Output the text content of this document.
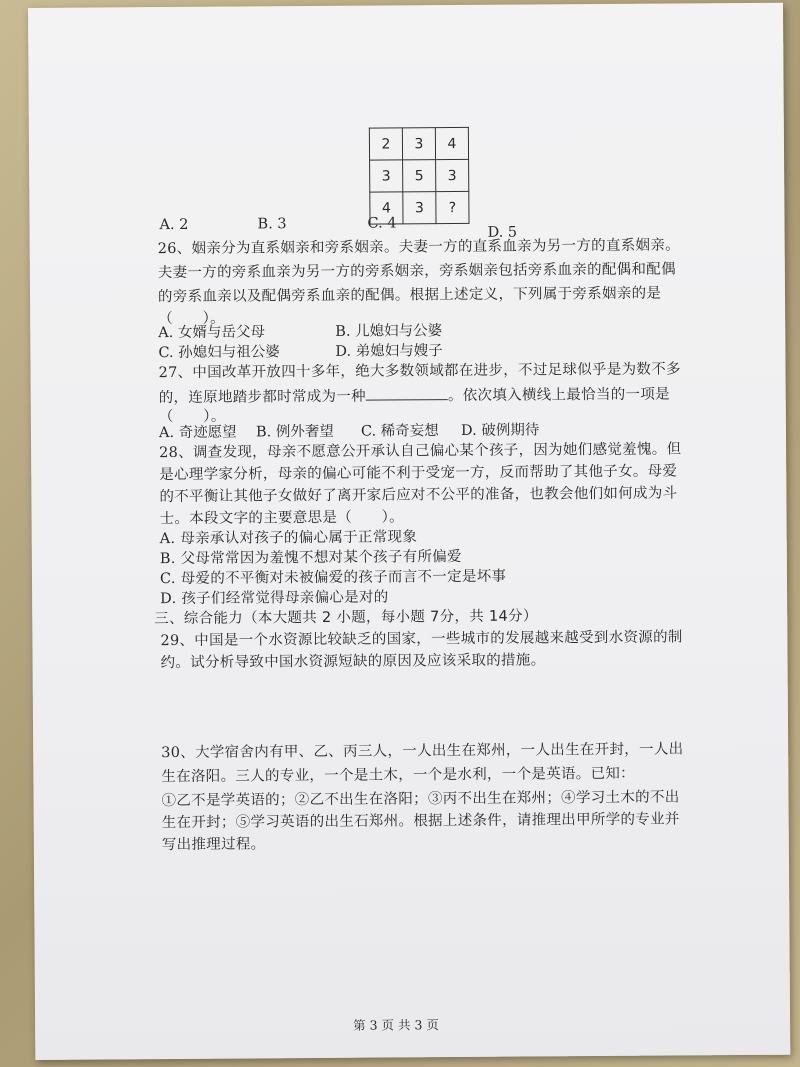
2	3	4
3	5	3
4	3	?
A. 2	B. 3	C. 4
D. 5
26、姻亲分为直系姻亲和旁系姻亲。夫妻一方的直系血亲为另一方的直系姻亲。
夫妻一方的旁系血亲为另一方的旁系姻亲，旁系姻亲包括旁系血亲的配偶和配偶
的旁系血亲以及配偶旁系血亲的配偶。根据上述定义，下列属于旁系姻亲的是
（　　）。
A. 女婿与岳父母	B. 儿媳妇与公婆
C. 孙媳妇与祖公婆	D. 弟媳妇与嫂子
27、中国改革开放四十多年，绝大多数领域都在进步，不过足球似乎是为数不多
的，连原地踏步都时常成为一种	。依次填入横线上最恰当的一项是
（　　）。
A. 奇迹愿望 B. 例外奢望 C. 稀奇妄想 D. 破例期待
28、调查发现，母亲不愿意公开承认自己偏心某个孩子，因为她们感觉羞愧。但
是心理学家分析，母亲的偏心可能不利于受宠一方，反而帮助了其他子女。母爱
的不平衡让其他子女做好了离开家后应对不公平的准备，也教会他们如何成为斗
士。本段文字的主要意思是（　　）。
A. 母亲承认对孩子的偏心属于正常现象
B. 父母常常因为羞愧不想对某个孩子有所偏爱
C. 母爱的不平衡对未被偏爱的孩子而言不一定是坏事
D. 孩子们经常觉得母亲偏心是对的
三、综合能力（本大题共 2 小题，每小题 7分，共 14分）
29、中国是一个水资源比较缺乏的国家，一些城市的发展越来越受到水资源的制
约。试分析导致中国水资源短缺的原因及应该采取的措施。
30、大学宿舍内有甲、乙、丙三人，一人出生在郑州，一人出生在开封，一人出
生在洛阳。三人的专业，一个是土木，一个是水利，一个是英语。已知：
①乙不是学英语的；②乙不出生在洛阳；③丙不出生在郑州；④学习土木的不出
生在开封；⑤学习英语的出生石郑州。根据上述条件，请推理出甲所学的专业并
写出推理过程。
第 3 页 共 3 页
